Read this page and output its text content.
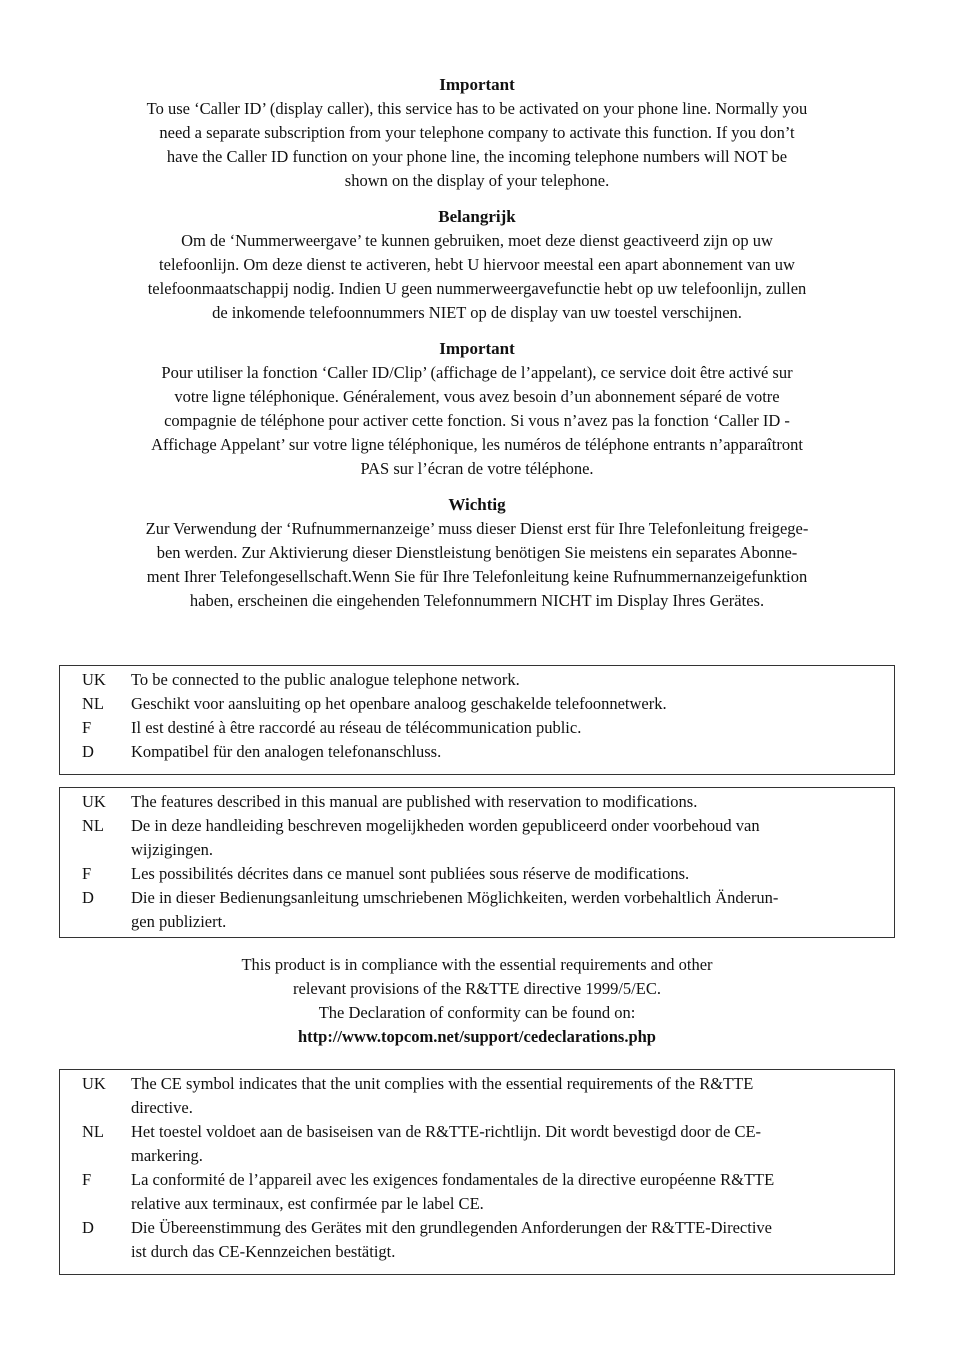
Important
To use ‘Caller ID’ (display caller), this service has to be activated on your phone line. Normally you
need a separate subscription from your telephone company to activate this function. If you don’t
have the Caller ID function on your phone line, the incoming telephone numbers will NOT be
shown on the display of your telephone.
Belangrijk
Om de ‘Nummerweergave’ te kunnen gebruiken, moet deze dienst geactiveerd zijn op uw
telefoonlijn. Om deze dienst te activeren, hebt U hiervoor meestal een apart abonnement van uw
telefoonmaatschappij nodig. Indien U geen nummerweergavefunctie hebt op uw telefoonlijn, zullen
de inkomende telefoonnummers NIET op de display van uw toestel verschijnen.
Important
Pour utiliser la fonction ‘Caller ID/Clip’ (affichage de l’appelant), ce service doit être activé sur
votre ligne téléphonique. Généralement, vous avez besoin d’un abonnement séparé de votre
compagnie de téléphone pour activer cette fonction. Si vous n’avez pas la fonction ‘Caller ID -
Affichage Appelant’ sur votre ligne téléphonique, les numéros de téléphone entrants n’apparaîtront
PAS sur l’écran de votre téléphone.
Wichtig
Zur Verwendung der ‘Rufnummernanzeige’ muss dieser Dienst erst für Ihre Telefonleitung freigege-
ben werden. Zur Aktivierung dieser Dienstleistung benötigen Sie meistens ein separates Abonne-
ment Ihrer Telefongesellschaft.Wenn Sie für Ihre Telefonleitung keine Rufnummernanzeigefunktion
haben, erscheinen die eingehenden Telefonnummern NICHT im Display Ihres Gerätes.
UK	To be connected to the public analogue telephone network.
NL	Geschikt voor aansluiting op het openbare analoog geschakelde telefoonnetwerk.
F	Il est destiné à être raccordé au réseau de télécommunication public.
D	Kompatibel für den analogen telefonanschluss.
UK	The features described in this manual are published with reservation to modifications.
NL	De in deze handleiding beschreven mogelijkheden worden gepubliceerd onder voorbehoud van
wijzigingen.
F	Les possibilités décrites dans ce manuel sont publiées sous réserve de modifications.
D	Die in dieser Bedienungsanleitung umschriebenen Möglichkeiten, werden vorbehaltlich Änderun-
gen publiziert.
This product is in compliance with the essential requirements and other
relevant provisions of the R&TTE directive 1999/5/EC.
The Declaration of conformity can be found on:
http://www.topcom.net/support/cedeclarations.php
UK	The CE symbol indicates that the unit complies with the essential requirements of the R&TTE
directive.
NL	Het toestel voldoet aan de basiseisen van de R&TTE-richtlijn. Dit wordt bevestigd door de CE-
markering.
F	La conformité de l’appareil avec les exigences fondamentales de la directive européenne R&TTE
relative aux terminaux, est confirmée par le label CE.
D	Die Übereenstimmung des Gerätes mit den grundlegenden Anforderungen der R&TTE-Directive
ist durch das CE-Kennzeichen bestätigt.
